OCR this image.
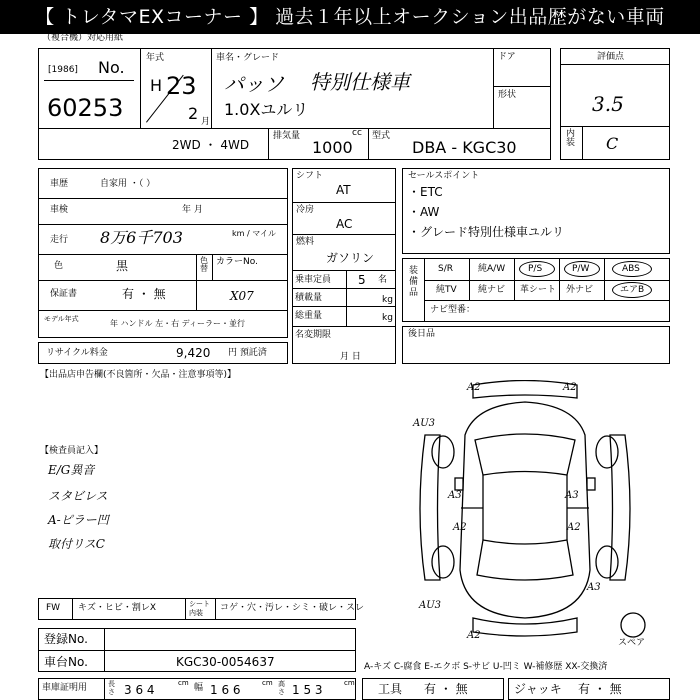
【 トレタマEXコーナー 】 過去１年以上オークション出品歴がない車両
（複合機）対応用紙
[1986] No.
60253
年式
H 23
2 月
車名・グレード
パッソ 特別仕様車
1.0Xユルリ
ドア
形状
2WD ・ 4WD
排気量	cc
1000
型式
DBA - KGC30
評価点
3.5
内装 C
車歴	自家用 ・（ ）
車検	年 月
走行 8万6千703	km / マイル
色	黒	色替
カラーNo.
X07
保証書	有 ・ 無
モデル年式	年 ハンドル 左・右 ディーラー・並行
リサイクル料金	9,420 円 預託済
シフト
AT
冷房
AC
燃料
ガソリン
乗車定員 5 名
積載量	kg
総重量	kg
名変期限
月 日
セールスポイント
・ETC
・AW
・グレード特別仕様車ユルリ
装備品
S/R	純A/W	P/S	P/W	ABS
純TV 純ナビ 革シート 外ナビ	エアB
ナビ型番：
後日品
【出品店申告欄(不良箇所・欠品・注意事項等)】
【検査員記入】
E/G異音
スタビレス
A-ピラー凹
取付リスC
A2	A2
AU3
A3	A3
A2	A2
A2
AU3
A3
スペア
FW キズ・ヒビ・割レX	シート内装	コゲ・穴・汚レ・シミ・破レ・スレ
登録No.
車台No.	KGC30-0054637	A-キズ C-腐食 E-エクボ S-サビ U-凹ミ W-補修歴 XX-交換済
車庫証明用	長さ 3 6 4	cm 幅 1 6 6	cm 高さ 1 5 3	cm 工具 有 ・ 無	ジャッキ 有 ・ 無
